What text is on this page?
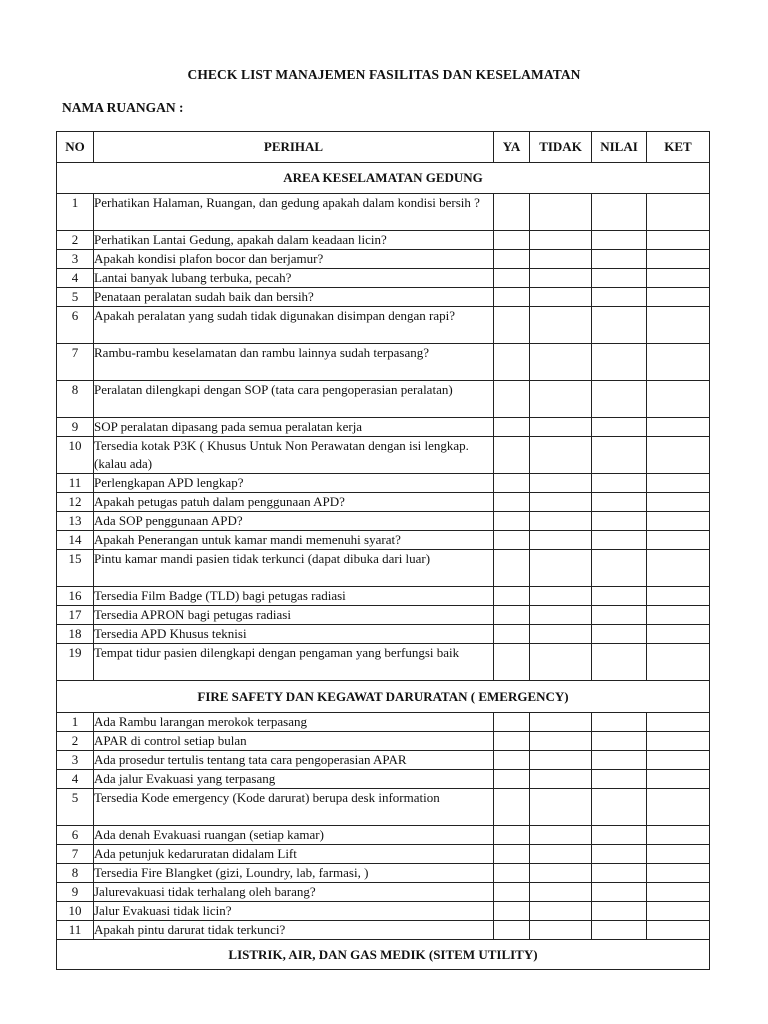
CHECK LIST MANAJEMEN FASILITAS DAN KESELAMATAN
NAMA RUANGAN :
NO	PERIHAL	YA	TIDAK	NILAI	KET
AREA KESELAMATAN GEDUNG					
1	Perhatikan Halaman, Ruangan, dan gedung apakah dalam kondisi bersih ?				
2	Perhatikan Lantai Gedung, apakah dalam keadaan licin?				
3	Apakah kondisi plafon bocor dan berjamur?				
4	Lantai banyak lubang terbuka, pecah?				
5	Penataan peralatan sudah baik dan bersih?				
6	Apakah peralatan yang sudah tidak digunakan disimpan dengan rapi?				
7	Rambu-rambu keselamatan dan rambu lainnya sudah terpasang?				
8	Peralatan dilengkapi dengan SOP (tata cara pengoperasian peralatan)				
9	SOP peralatan dipasang pada semua peralatan kerja				
10	Tersedia kotak P3K ( Khusus Untuk Non Perawatan dengan isi lengkap. (kalau ada)				
11	Perlengkapan APD lengkap?				
12	Apakah petugas patuh dalam penggunaan APD?				
13	Ada SOP penggunaan APD?				
14	Apakah Penerangan untuk kamar mandi memenuhi syarat?				
15	Pintu kamar mandi pasien tidak terkunci (dapat dibuka dari luar)				
16	Tersedia Film Badge (TLD) bagi petugas radiasi				
17	Tersedia APRON bagi petugas radiasi				
18	Tersedia APD Khusus teknisi				
19	Tempat tidur pasien dilengkapi dengan pengaman yang berfungsi baik				
FIRE SAFETY DAN KEGAWAT DARURATAN ( EMERGENCY)					
1	Ada Rambu larangan merokok terpasang				
2	APAR di control setiap bulan				
3	Ada prosedur tertulis tentang tata cara pengoperasian APAR				
4	Ada jalur Evakuasi yang terpasang				
5	Tersedia Kode emergency (Kode darurat) berupa desk information				
6	Ada denah Evakuasi ruangan (setiap kamar)				
7	Ada petunjuk kedaruratan didalam Lift				
8	Tersedia Fire Blangket (gizi, Loundry, lab, farmasi, )				
9	Jalurevakuasi tidak terhalang oleh barang?				
10	Jalur Evakuasi tidak licin?				
11	Apakah pintu darurat tidak terkunci?				
LISTRIK, AIR, DAN GAS MEDIK (SITEM UTILITY)					
